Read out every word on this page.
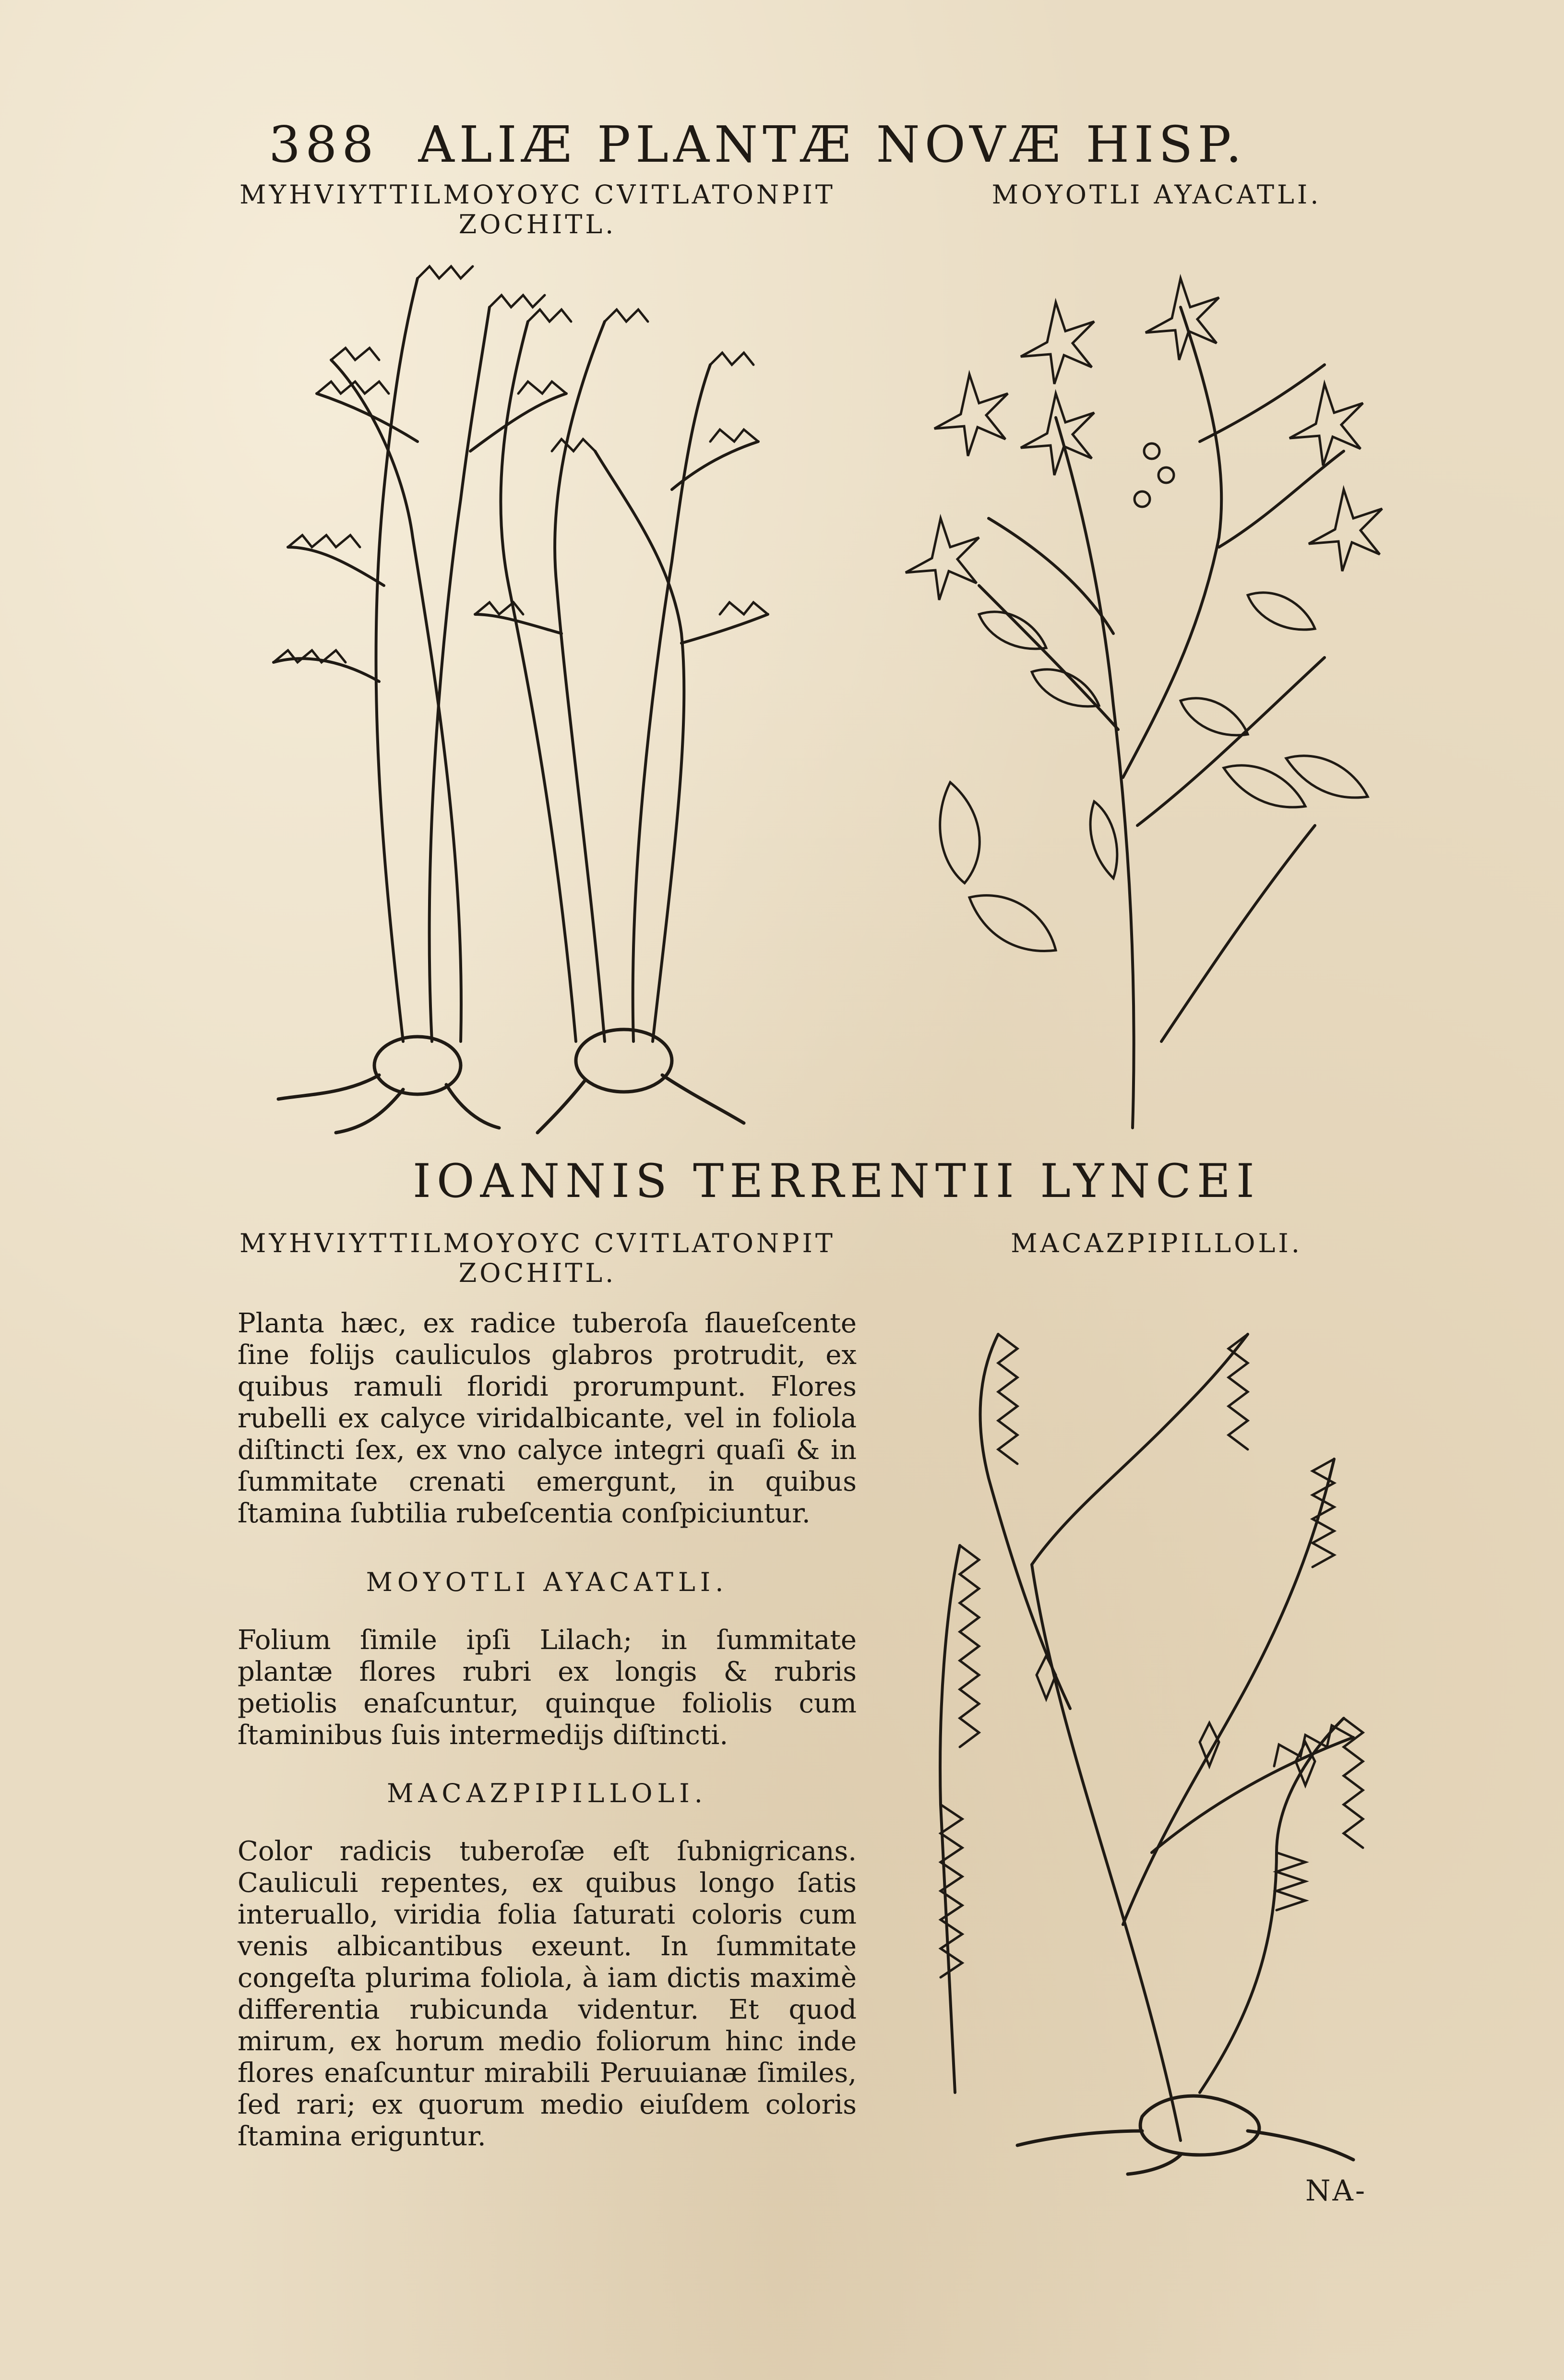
388 ALIÆ PLANTÆ NOVÆ HISP.
MYHVIYTTILMOYOYC CVITLATONPIT
ZOCHITL.
MOYOTLI AYACATLI.
IOANNIS TERRENTII LYNCEI
MYHVIYTTILMOYOYC CVITLATONPIT
ZOCHITL.
MACAZPIPILLOLI.
Planta hæc, ex radice tuberoſa flaueſcente ſine folijs cauliculos glabros protrudit, ex quibus ramuli floridi prorumpunt. Flores rubelli ex calyce viridalbicante, vel in foliola diſtincti ſex, ex vno calyce integri quaſi & in ſummitate crenati emergunt, in quibus ſtamina ſubtilia rubeſcentia conſpiciuntur.
MOYOTLI AYACATLI.
Folium ſimile ipſi Lilach; in ſummitate plantæ flores rubri ex longis & rubris petiolis enaſcuntur, quinque foliolis cum ſtaminibus ſuis intermedijs diſtincti.
MACAZPIPILLOLI.
Color radicis tuberoſæ eſt ſubnigricans. Cauliculi repentes, ex quibus longo ſatis interuallo, viridia folia ſaturati coloris cum venis albicantibus exeunt. In ſummitate congeſta plurima foliola, à iam dictis maximè differentia rubicunda videntur. Et quod mirum, ex horum medio foliorum hinc inde flores enaſcuntur mirabili Peruuianæ ſimiles, ſed rari; ex quorum medio eiuſdem coloris ſtamina eriguntur.
NA-
